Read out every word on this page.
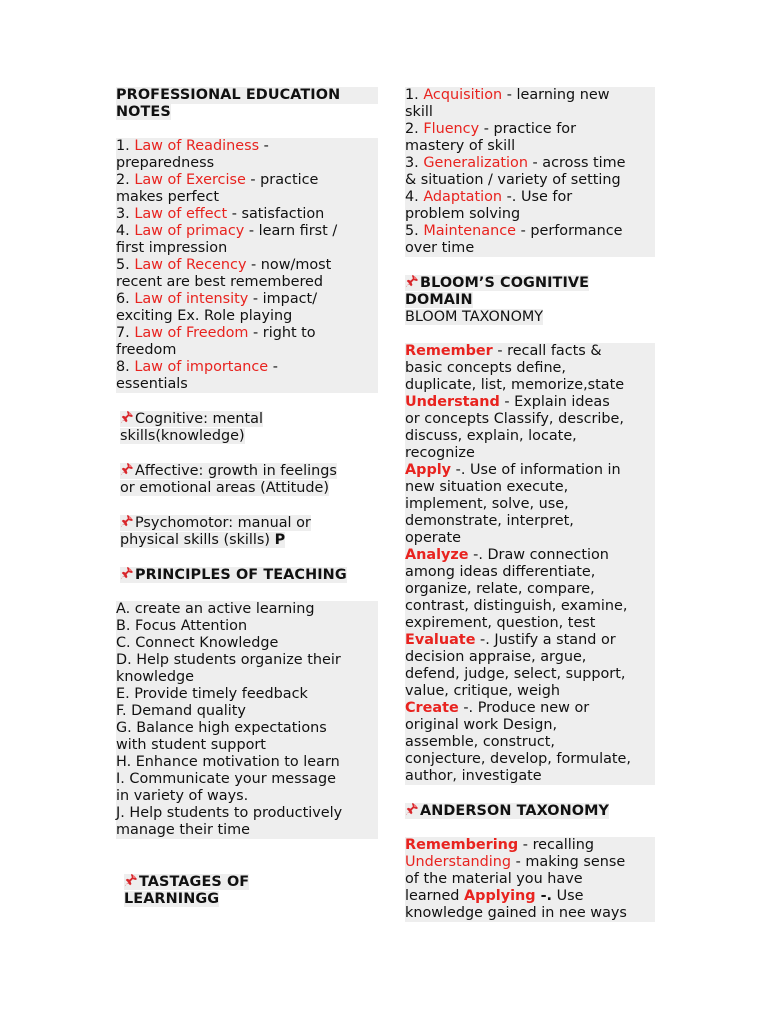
PROFESSIONAL EDUCATION
NOTES
1. Law of Readiness -
preparedness
2. Law of Exercise - practice
makes perfect
3. Law of effect - satisfaction
4. Law of primacy - learn first /
first impression
5. Law of Recency - now/most
recent are best remembered
6. Law of intensity - impact/
exciting Ex. Role playing
7. Law of Freedom - right to
freedom
8. Law of importance -
essentials

Cognitive: mental
skills(knowledge)

Affective: growth in feelings
or emotional areas (Attitude)

Psychomotor: manual or
physical skills (skills) P

PRINCIPLES OF TEACHING

A. create an active learning
B. Focus Attention
C. Connect Knowledge
D. Help students organize their
knowledge
E. Provide timely feedback
F. Demand quality
G. Balance high expectations
with student support
H. Enhance motivation to learn
I. Communicate your message
in variety of ways.
J. Help students to productively
manage their time

TASTAGES OF
LEARNINGG

1. Acquisition - learning new
skill
2. Fluency - practice for
mastery of skill
3. Generalization - across time
& situation / variety of setting
4. Adaptation -. Use for
problem solving
5. Maintenance - performance
over time

BLOOM’S COGNITIVE
DOMAIN

BLOOM TAXONOMY

Remember - recall facts &
basic concepts define,
duplicate, list, memorize,state
Understand - Explain ideas
or concepts Classify, describe,
discuss, explain, locate,
recognize
Apply -. Use of information in
new situation execute,
implement, solve, use,
demonstrate, interpret,
operate
Analyze -. Draw connection
among ideas differentiate,
organize, relate, compare,
contrast, distinguish, examine,
expirement, question, test
Evaluate -. Justify a stand or
decision appraise, argue,
defend, judge, select, support,
value, critique, weigh
Create -. Produce new or
original work Design,
assemble, construct,
conjecture, develop, formulate,
author, investigate

ANDERSON TAXONOMY

Remembering - recalling
Understanding - making sense
of the material you have
learned Applying -. Use
knowledge gained in nee ways
